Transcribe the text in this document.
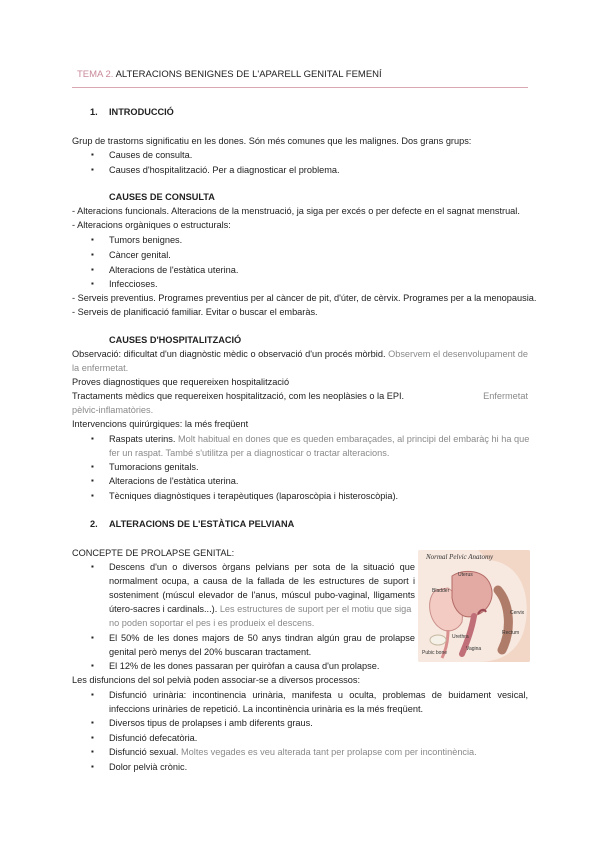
TEMA 2. ALTERACIONS BENIGNES DE L'APARELL GENITAL FEMENÍ
1. INTRODUCCIÓ
Grup de trastorns significatiu en les dones. Són més comunes que les malignes. Dos grans grups:
▪ Causes de consulta.
▪ Causes d'hospitalització. Per a diagnosticar el problema.
CAUSES DE CONSULTA
- Alteracions funcionals. Alteracions de la menstruació, ja siga per excés o per defecte en el sagnat menstrual.
- Alteracions orgàniques o estructurals:
▪ Tumors benignes.
▪ Càncer genital.
▪ Alteracions de l'estàtica uterina.
▪ Infeccioses.
- Serveis preventius. Programes preventius per al càncer de pit, d'úter, de cèrvix. Programes per a la menopausia.
- Serveis de planificació familiar. Evitar o buscar el embaràs.
CAUSES D'HOSPITALITZACIÓ
Observació: dificultat d'un diagnòstic mèdic o observació d'un procés mòrbid. Observem el desenvolupament de
la enfermetat.
Proves diagnostiques que requereixen hospitalització
Tractaments mèdics que requereixen hospitalització, com les neoplàsies o la EPI.	Enfermetat
pèlvic-inflamatòries.
Intervencions quirúrgiques: la més freqüent
▪ Raspats uterins. Molt habitual en dones que es queden embaraçades, al principi del embaràç hi ha que
fer un raspat. També s'utilitza per a diagnosticar o tractar alteracions.
▪ Tumoracions genitals.
▪ Alteracions de l'estàtica uterina.
▪ Tècniques diagnòstiques i terapèutiques (laparoscòpia i histeroscòpia).
2. ALTERACIONS DE L'ESTÀTICA PELVIANA
CONCEPTE DE PROLAPSE GENITAL:
▪ Descens d'un o diversos òrgans pelvians per sota de la situació que
normalment ocupa, a causa de la fallada de les estructures de suport i
sosteniment (múscul elevador de l'anus, múscul pubo-vaginal, lligaments
útero-sacres i cardinals...). Les estructures de suport per el motiu que siga
no poden soportar el pes i es produeix el descens.
▪ El 50% de les dones majors de 50 anys tindran algún grau de prolapse
genital però menys del 20% buscaran tractament.
▪ El 12% de les dones passaran per quiròfan a causa d'un prolapse.
Les disfuncions del sol pelvià poden associar-se a diversos processos:
▪ Disfunció urinària: incontinencia urinària, manifesta u oculta, problemas de buidament vesical,
infeccions urinàries de repetició. La incontinència urinària es la més freqüent.
▪ Diversos tipus de prolapses i amb diferents graus.
▪ Disfunció defecatòria.
▪ Disfunció sexual. Moltes vegades es veu alterada tant per prolapse com per incontinència.
▪ Dolor pelvià crònic.
Normal Pelvic Anatomy
Uterus
Bladder
Cervix
Rectum
Urethra
Vagina
Pubic bone
